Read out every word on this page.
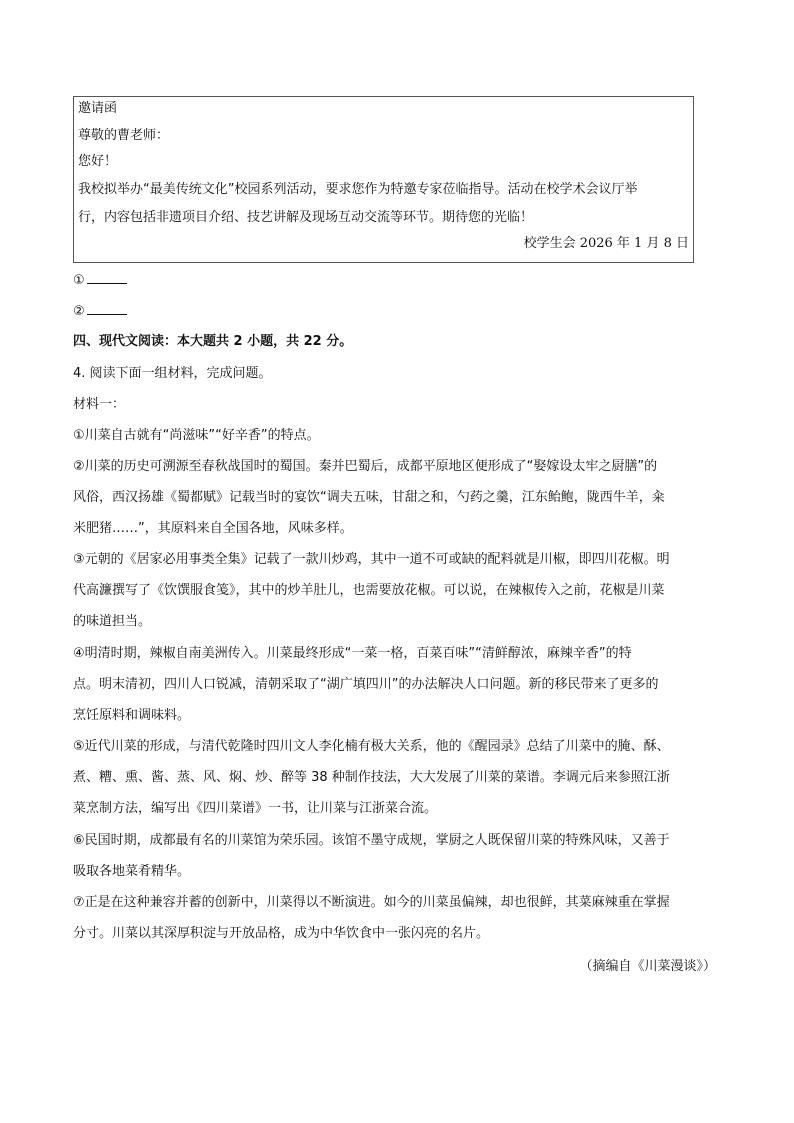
邀请函
尊敬的曹老师：
您好！
我校拟举办“最美传统文化”校园系列活动，要求您作为特邀专家莅临指导。活动在校学术会议厅举
行，内容包括非遗项目介绍、技艺讲解及现场互动交流等环节。期待您的光临！
校学生会 2026 年 1 月 8 日
①
②
四、现代文阅读：本大题共 2 小题，共 22 分。
4. 阅读下面一组材料，完成问题。
材料一：
①川菜自古就有“尚滋味”“好辛香”的特点。
②川菜的历史可溯源至春秋战国时的蜀国。秦并巴蜀后，成都平原地区便形成了“娶嫁设太牢之厨膳”的
风俗，西汉扬雄《蜀都赋》记载当时的宴饮“调夫五味，甘甜之和，勺药之羹，江东鲐鲍，陇西牛羊，籴
米肥猪……”，其原料来自全国各地，风味多样。
③元朝的《居家必用事类全集》记载了一款川炒鸡，其中一道不可或缺的配料就是川椒，即四川花椒。明
代高濂撰写了《饮馔服食笺》，其中的炒羊肚儿，也需要放花椒。可以说，在辣椒传入之前，花椒是川菜
的味道担当。
④明清时期，辣椒自南美洲传入。川菜最终形成“一菜一格，百菜百味”“清鲜醇浓，麻辣辛香”的特
点。明末清初，四川人口锐减，清朝采取了“湖广填四川”的办法解决人口问题。新的移民带来了更多的
烹饪原料和调味料。
⑤近代川菜的形成，与清代乾隆时四川文人李化楠有极大关系，他的《醒园录》总结了川菜中的腌、酥、
煮、糟、熏、酱、蒸、风、焖、炒、醉等 38 种制作技法，大大发展了川菜的菜谱。李调元后来参照江浙
菜烹制方法，编写出《四川菜谱》一书，让川菜与江浙菜合流。
⑥民国时期，成都最有名的川菜馆为荣乐园。该馆不墨守成规，掌厨之人既保留川菜的特殊风味，又善于
吸取各地菜肴精华。
⑦正是在这种兼容并蓄的创新中，川菜得以不断演进。如今的川菜虽偏辣，却也很鲜，其菜麻辣重在掌握
分寸。川菜以其深厚积淀与开放品格，成为中华饮食中一张闪亮的名片。
（摘编自《川菜漫谈》）
